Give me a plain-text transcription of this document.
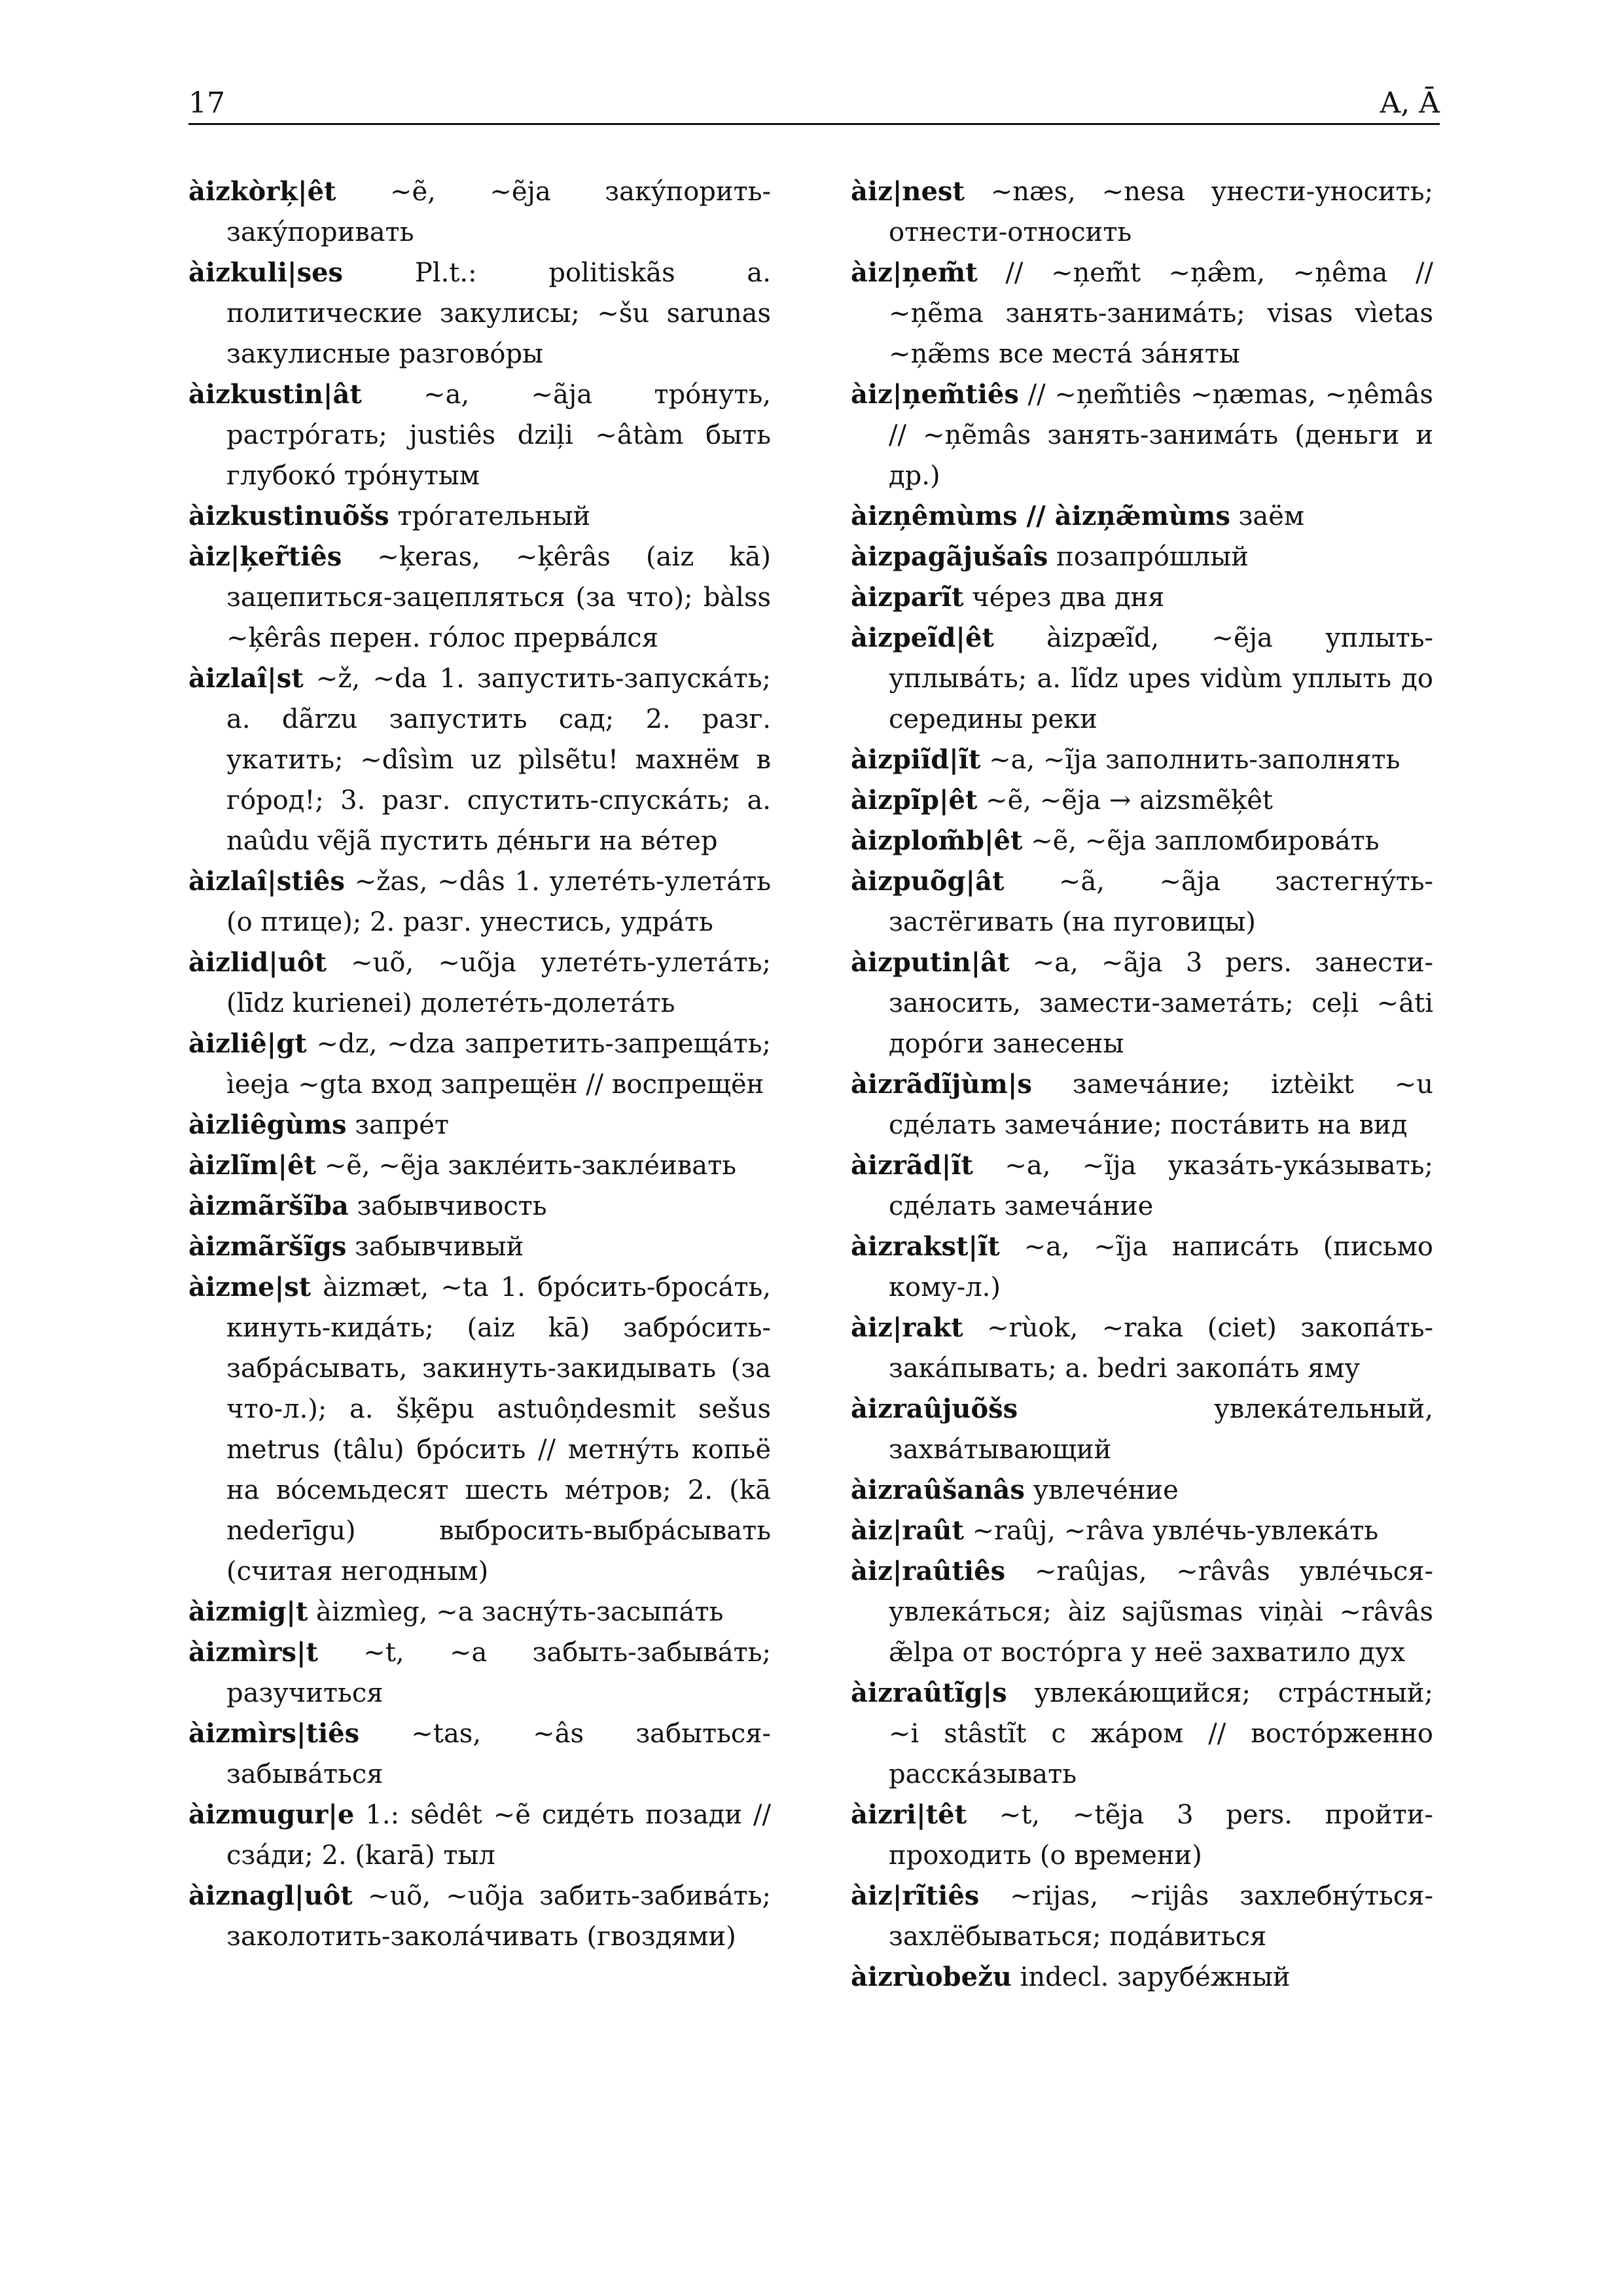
17	A, Ā
àizkòrķ|êt ~ẽ, ~ẽja закýпорить-закýпоривать
àizkuli|ses Pl.t.: politiskãs a. политические закулисы; ~šu sarunas закулисные разговóры
àizkustin|ât ~a, ~ãja трóнуть, растрóгать; justiês dziļi ~âtàm быть глубокó трóнутым
àizkustinuõšs трóгательный
àiz|ķer̃tiês ~ķeras, ~ķêrâs (aiz kā) зацепиться-зацепляться (за что); bàlss ~ķêrâs перен. гóлос прервáлся
àizlaî|st ~ž, ~da 1. запустить-запускáть; a. dãrzu запустить сад; 2. разг. укатить; ~dîsìm uz pìlsẽtu! махнём в гóрод!; 3. разг. спустить-спускáть; a. naûdu vẽjã пустить дéньги на вéтер
àizlaî|stiês ~žas, ~dâs 1. улетéть-улетáть (о птице); 2. разг. унестись, удрáть
àizlid|uôt ~uõ, ~uõja улетéть-улетáть; (līdz kurienei) долетéть-долетáть
àizliê|gt ~dz, ~dza запретить-запрещáть; ìeeja ~gta вход запрещён // воспрещён
àizliêgùms запрéт
àizlĩm|êt ~ẽ, ~ẽja заклéить-заклéивать
àizmãršĩba забывчивость
àizmãršĩgs забывчивый
àizme|st àizmæt, ~ta 1. брóсить-бросáть, кинуть-кидáть; (aiz kā) забрóсить-забрáсывать, закинуть-закидывать (за что-л.); a. šķẽpu astuôņdesmit sešus metrus (tâlu) брóсить // метнýть копьё на вóсемьдесят шесть мéтров; 2. (kā nederīgu) выбросить-выбрáсывать (считая негодным)
àizmig|t àizmìeg, ~a заснýть-засыпáть
àizmìrs|t ~t, ~a забыть-забывáть; разучиться
àizmìrs|tiês ~tas, ~âs забыться-забывáться
àizmugur|e 1.: sêdêt ~ẽ сидéть позади // сзáди; 2. (karā) тыл
àiznagl|uôt ~uõ, ~uõja забить-забивáть; заколотить-заколáчивать (гвоздями)
àiz|nest ~næs, ~nesa унести-уносить; отнести-относить
àiz|ņem̃t // ~ņem̃t ~ņæ̂m, ~ņêma // ~ņẽma занять-занимáть; visas vìetas ~ņæ̃ms все местá зáняты
àiz|ņem̃tiês // ~ņem̃tiês ~ņæmas, ~ņêmâs // ~ņẽmâs занять-занимáть (деньги и др.)
àizņêmùms // àizņæ̃mùms заём
àizpagãjušaîs позапрóшлый
àizparĩt чéрез два дня
àizpeĩd|êt àizpæĩd, ~ẽja уплыть-уплывáть; a. lĩdz upes vidùm уплыть до середины реки
àizpiĩd|ĩt ~a, ~ĩja заполнить-заполнять
àizpĩp|êt ~ẽ, ~ẽja → aizsmẽķêt
àizplom̃b|êt ~ẽ, ~ẽja запломбировáть
àizpuõg|ât ~ã, ~ãja застегнýть-застёгивать (на пуговицы)
àizputin|ât ~a, ~ãja 3 pers. занести-заносить, замести-заметáть; ceļi ~âti дорóги занесены
àizrãdĩjùm|s замечáние; iztèikt ~u сдéлать замечáние; постáвить на вид
àizrãd|ĩt ~a, ~ĩja указáть-укáзывать; сдéлать замечáние
àizrakst|ĩt ~a, ~ĩja написáть (письмо кому-л.)
àiz|rakt ~rùok, ~raka (ciet) закопáть-закáпывать; a. bedri закопáть яму
àizraûjuõšs увлекáтельный, захвáтывающий
àizraûšanâs увлечéние
àiz|raût ~raûj, ~râva увлéчь-увлекáть
àiz|raûtiês ~raûjas, ~râvâs увлéчься-увлекáться; àiz sajũsmas viņài ~râvâs æ̃lpa от востóрга у неё захватило дух
àizraûtĩg|s увлекáющийся; стрáстный; ~i stâstĩt с жáром // востóрженно расскáзывать
àizri|têt ~t, ~tẽja 3 pers. пройти-проходить (о времени)
àiz|rĩtiês ~rijas, ~rijâs захлебнýться-захлёбываться; подáвиться
àizrùobežu indecl. зарубéжный
